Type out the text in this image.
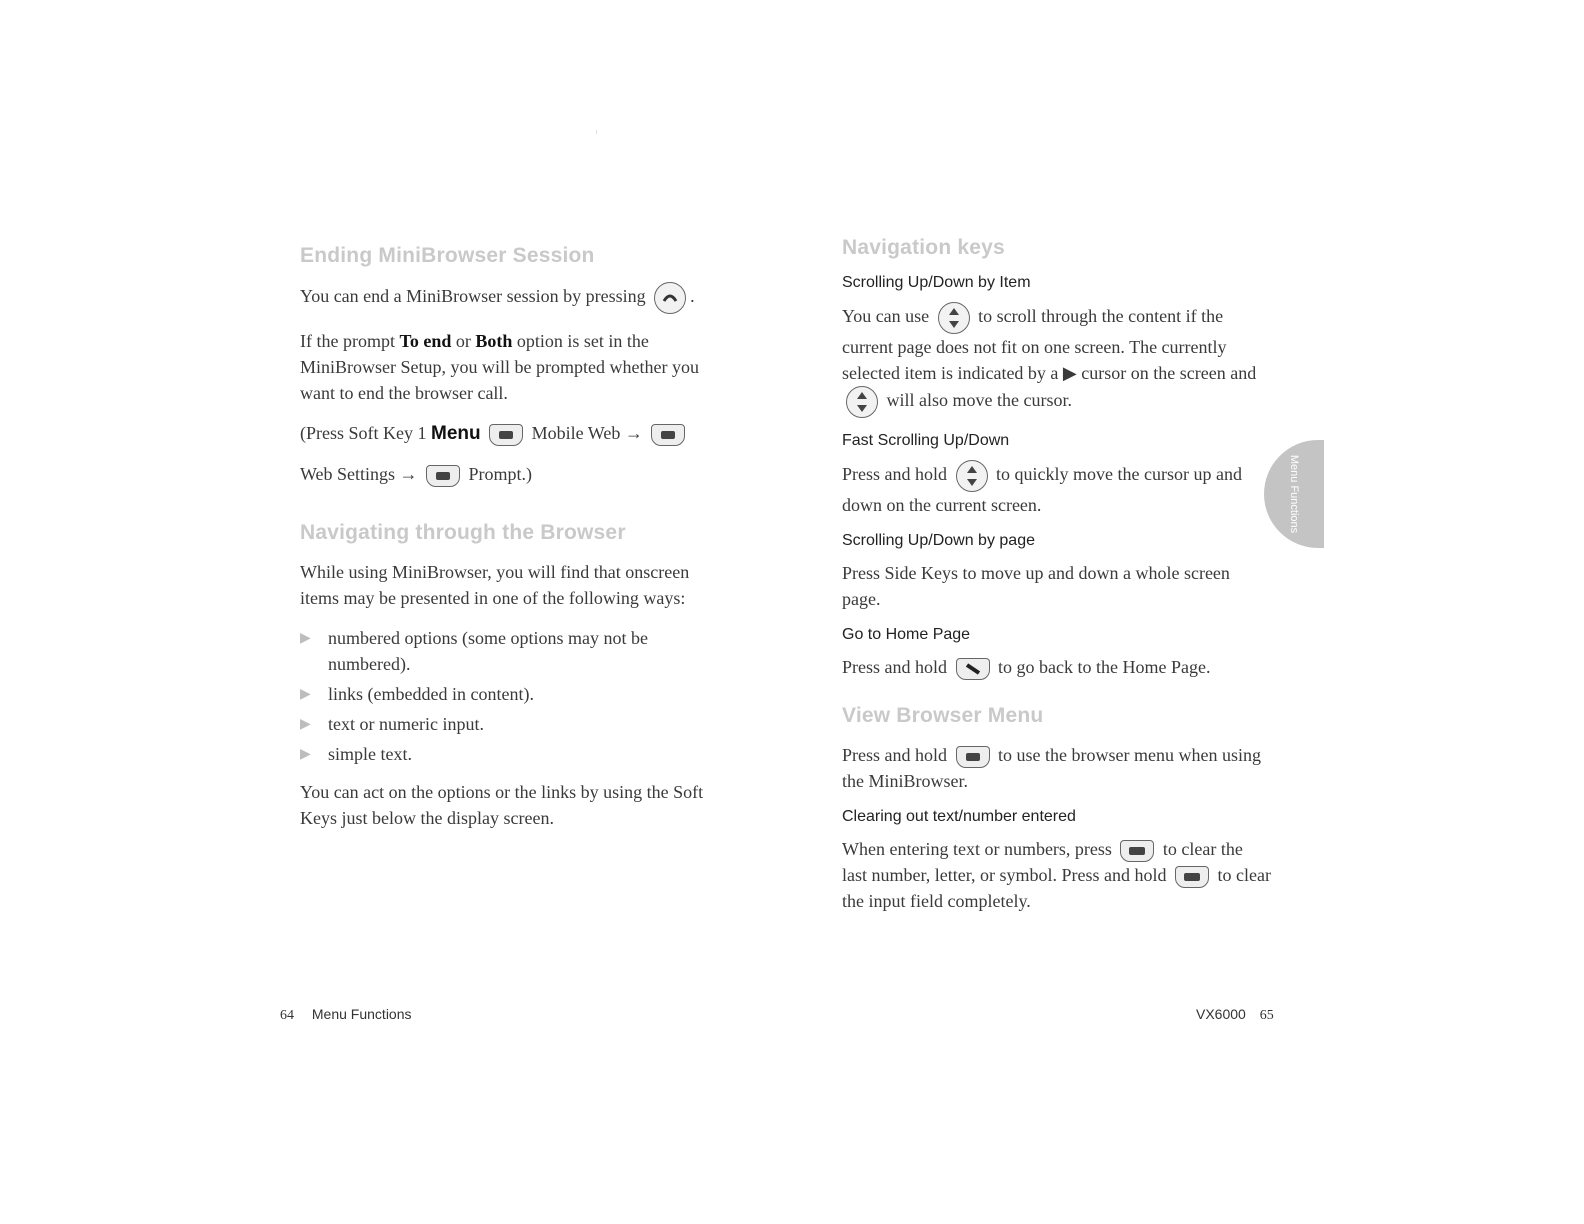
Ending MiniBrowser Session

You can end a MiniBrowser session by pressing .

If the prompt To end or Both option is set in the MiniBrowser Setup, you will be prompted whether you want to end the browser call.

(Press Soft Key 1 Menu	Mobile Web →

Web Settings →	Prompt.)

Navigating through the Browser

While using MiniBrowser, you will find that onscreen items may be presented in one of the following ways:

▶ numbered options (some options may not be numbered).
▶ links (embedded in content).
▶ text or numeric input.
▶ simple text.

You can act on the options or the links by using the Soft Keys just below the display screen.

64 Menu Functions
Navigation keys
Scrolling Up/Down by Item

You can use	to scroll through the content if the current page does not fit on one screen. The currently selected item is indicated by a ▶ cursor on the screen and
will also move the cursor.

Fast Scrolling Up/Down

Press and hold	to quickly move the cursor up and down on the current screen.

Scrolling Up/Down by page

Press Side Keys to move up and down a whole screen page.

Go to Home Page

Press and hold	to go back to the Home Page.

View Browser Menu

Press and hold	to use the browser menu when using the MiniBrowser.

Clearing out text/number entered

When entering text or numbers, press	to clear the last number, letter, or symbol. Press and hold	to clear the input field completely.

VX6000 65
Menu Functions
